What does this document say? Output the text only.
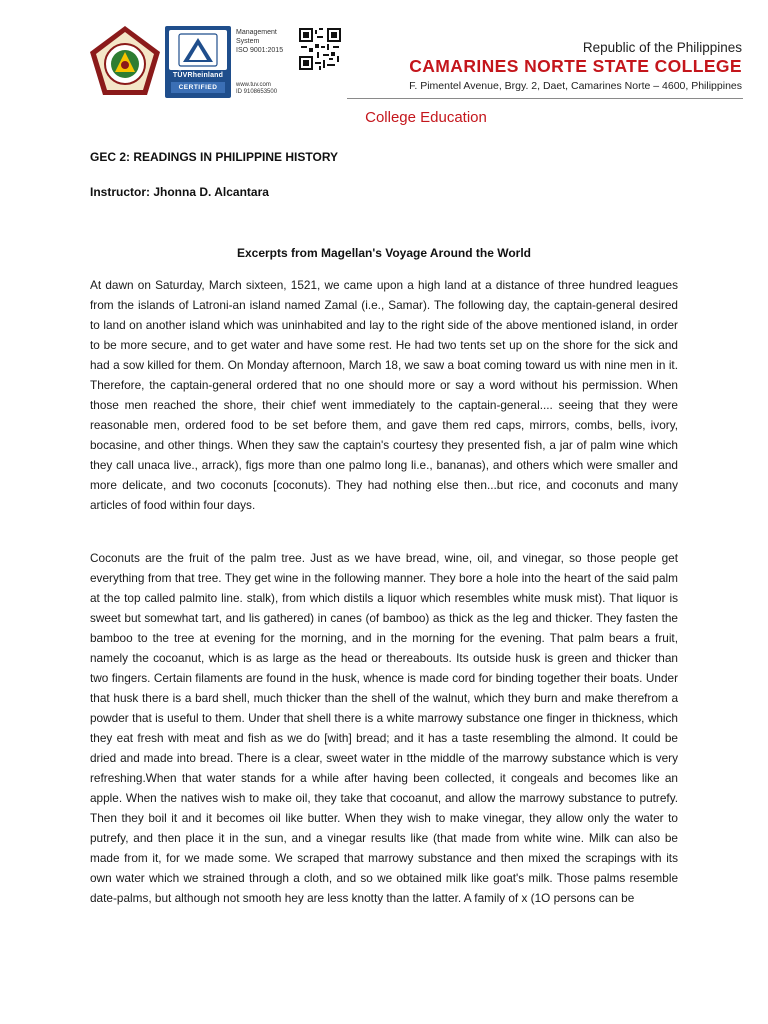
TÜVRheinland
CERTIFIED
Management
System
ISO 9001:2015
www.tuv.com
ID 9108653500
Republic of the Philippines
CAMARINES NORTE STATE COLLEGE
F. Pimentel Avenue, Brgy. 2, Daet, Camarines Norte – 4600, Philippines
College Education
GEC 2: READINGS IN PHILIPPINE HISTORY
Instructor: Jhonna D. Alcantara
Excerpts from Magellan's Voyage Around the World

At dawn on Saturday, March sixteen, 1521, we came upon a high land at a distance of three hundred leagues from the islands of Latroni-an island named Zamal (i.e., Samar). The following day, the captain-general desired to land on another island which was uninhabited and lay to the right side of the above mentioned island, in order to be more secure, and to get water and have some rest. He had two tents set up on the shore for the sick and had a sow killed for them. On Monday afternoon, March 18, we saw a boat coming toward us with nine men in it. Therefore, the captain-general ordered that no one should more or say a word without his permission. When those men reached the shore, their chief went immediately to the captain-general.... seeing that they were reasonable men, ordered food to be set before them, and gave them red caps, mirrors, combs, bells, ivory, bocasine, and other things. When they saw the captain's courtesy they presented fish, a jar of palm wine which they call unaca live., arrack), figs more than one palmo long li.e., bananas), and others which were smaller and more delicate, and two coconuts [coconuts). They had nothing else then...but rice, and coconuts and many articles of food within four days.

Coconuts are the fruit of the palm tree. Just as we have bread, wine, oil, and vinegar, so those people get everything from that tree. They get wine in the following manner. They bore a hole into the heart of the said palm at the top called palmito line. stalk), from which distils a liquor which resembles white musk mist). That liquor is sweet but somewhat tart, and lis gathered) in canes (of bamboo) as thick as the leg and thicker. They fasten the bamboo to the tree at evening for the morning, and in the morning for the evening. That palm bears a fruit, namely the cocoanut, which is as large as the head or thereabouts. Its outside husk is green and thicker than two fingers. Certain filaments are found in the husk, whence is made cord for binding together their boats. Under that husk there is a bard shell, much thicker than the shell of the walnut, which they burn and make therefrom a powder that is useful to them. Under that shell there is a white marrowy substance one finger in thickness, which they eat fresh with meat and fish as we do [with] bread; and it has a taste resembling the almond. It could be dried and made into bread. There is a clear, sweet water in tthe middle of the marrowy substance which is very refreshing.When that water stands for a while after having been collected, it congeals and becomes like an apple. When the natives wish to make oil, they take that cocoanut, and allow the marrowy substance to putrefy. Then they boil it and it becomes oil like butter. When they wish to make vinegar, they allow only the water to putrefy, and then place it in the sun, and a vinegar results like (that made from white wine. Milk can also be made from it, for we made some. We scraped that marrowy substance and then mixed the scrapings with its own water which we strained through a cloth, and so we obtained milk like goat's milk. Those palms resemble date-palms, but although not smooth hey are less knotty than the latter. A family of x (1O persons can be
